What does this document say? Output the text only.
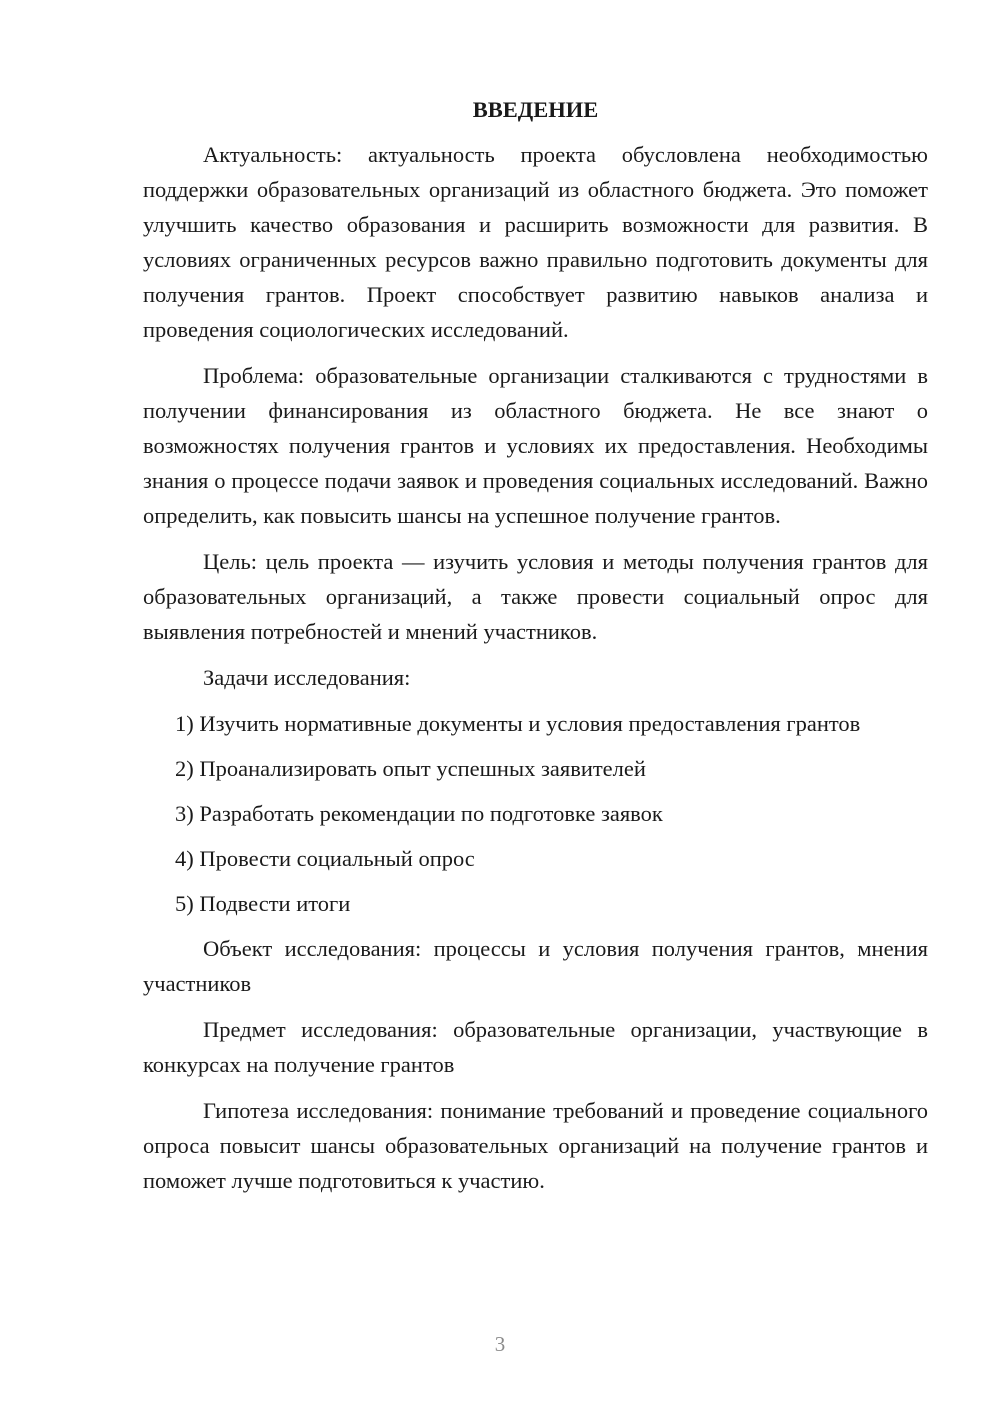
ВВЕДЕНИЕ

Актуальность: актуальность проекта обусловлена необходимостью поддержки образовательных организаций из областного бюджета. Это поможет улучшить качество образования и расширить возможности для развития. В условиях ограниченных ресурсов важно правильно подготовить документы для получения грантов. Проект способствует развитию навыков анализа и проведения социологических исследований.

Проблема: образовательные организации сталкиваются с трудностями в получении финансирования из областного бюджета. Не все знают о возможностях получения грантов и условиях их предоставления. Необходимы знания о процессе подачи заявок и проведения социальных исследований. Важно определить, как повысить шансы на успешное получение грантов.

Цель: цель проекта — изучить условия и методы получения грантов для образовательных организаций, а также провести социальный опрос для выявления потребностей и мнений участников.

Задачи исследования:

1) Изучить нормативные документы и условия предоставления грантов

2) Проанализировать опыт успешных заявителей

3) Разработать рекомендации по подготовке заявок

4) Провести социальный опрос

5) Подвести итоги

Объект исследования: процессы и условия получения грантов, мнения участников

Предмет исследования: образовательные организации, участвующие в конкурсах на получение грантов

Гипотеза исследования: понимание требований и проведение социального опроса повысит шансы образовательных организаций на получение грантов и поможет лучше подготовиться к участию.

3
